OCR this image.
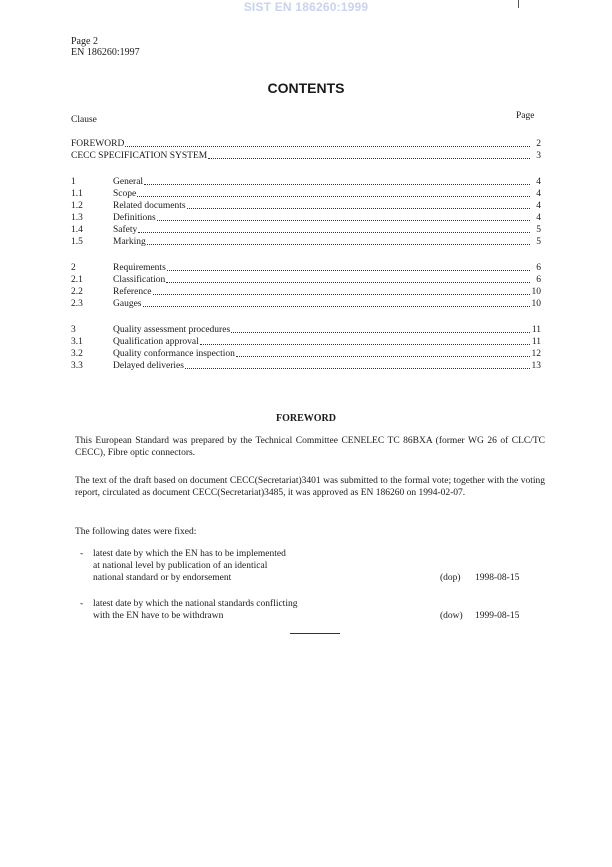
SIST EN 186260:1999
Page 2
EN 186260:1997
CONTENTS
Clause	Page
FOREWORD	2
CECC SPECIFICATION SYSTEM	3
1	General	4
1.1	Scope	4
1.2	Related documents	4
1.3	Definitions	4
1.4	Safety	5
1.5	Marking	5
2	Requirements	6
2.1	Classification	6
2.2	Reference	10
2.3	Gauges	10
3	Quality assessment procedures	11
3.1	Qualification approval	11
3.2	Quality conformance inspection	12
3.3	Delayed deliveries	13
FOREWORD
This European Standard was prepared by the Technical Committee CENELEC TC 86BXA (former WG 26 of CLC/TC CECC), Fibre optic connectors.
The text of the draft based on document CECC(Secretariat)3401 was submitted to the formal vote; together with the voting report, circulated as document CECC(Secretariat)3485, it was approved as EN 186260 on 1994-02-07.
The following dates were fixed:
- latest date by which the EN has to be implemented
at national level by publication of an identical
national standard or by endorsement	(dop)	1998-08-15
- latest date by which the national standards conflicting
with the EN have to be withdrawn	(dow)	1999-08-15
